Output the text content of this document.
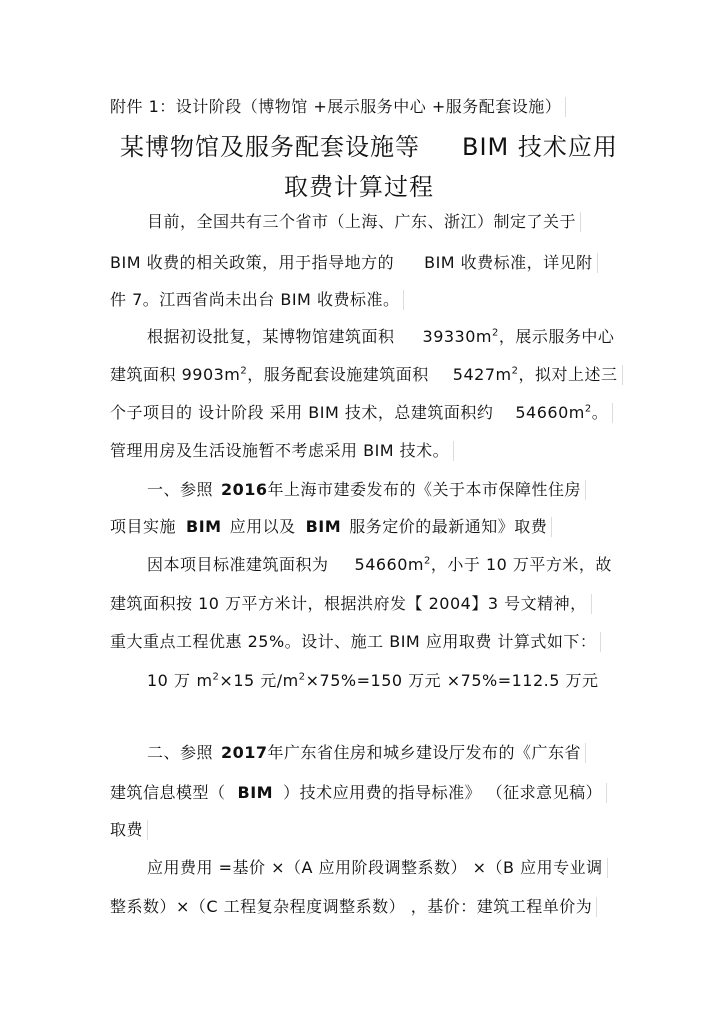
附件 1：设计阶段（博物馆 +展示服务中心 +服务配套设施）
某博物馆及服务配套设施等 BIM 技术应用
取费计算过程
目前，全国共有三个省市（上海、广东、浙江）制定了关于
BIM 收费的相关政策，用于指导地方的 BIM 收费标准，详见附
件 7。江西省尚未出台 BIM 收费标准。
根据初设批复，某博物馆建筑面积 $39330m^2$，展示服务中心
建筑面积 $9903m^2$，服务配套设施建筑面积 $5427m^2$，拟对上述三
个子项目的 设计阶段 采用 BIM 技术，总建筑面积约 $54660m^2$。
管理用房及生活设施暂不考虑采用 BIM 技术。
一、参照 2016年上海市建委发布的《关于本市保障性住房
项目实施 BIM 应用以及 BIM 服务定价的最新通知》取费
因本项目标准建筑面积为 $54660m^2$，小于 10 万平方米，故
建筑面积按 10 万平方米计，根据洪府发【 2004】3 号文精神，
重大重点工程优惠 25%。设计、施工 BIM 应用取费 计算式如下：
10 万 $m^2\times 15$ 元$/m^2\times 75\%=150$ 万元 ×75%=112.5 万元
二、参照 2017年广东省住房和城乡建设厅发布的《广东省
建筑信息模型（ BIM ）技术应用费的指导标准》 （征求意见稿）
取费
应用费用 =基价 ×（A 应用阶段调整系数） ×（B 应用专业调
整系数）×（C 工程复杂程度调整系数） ，基价：建筑工程单价为
